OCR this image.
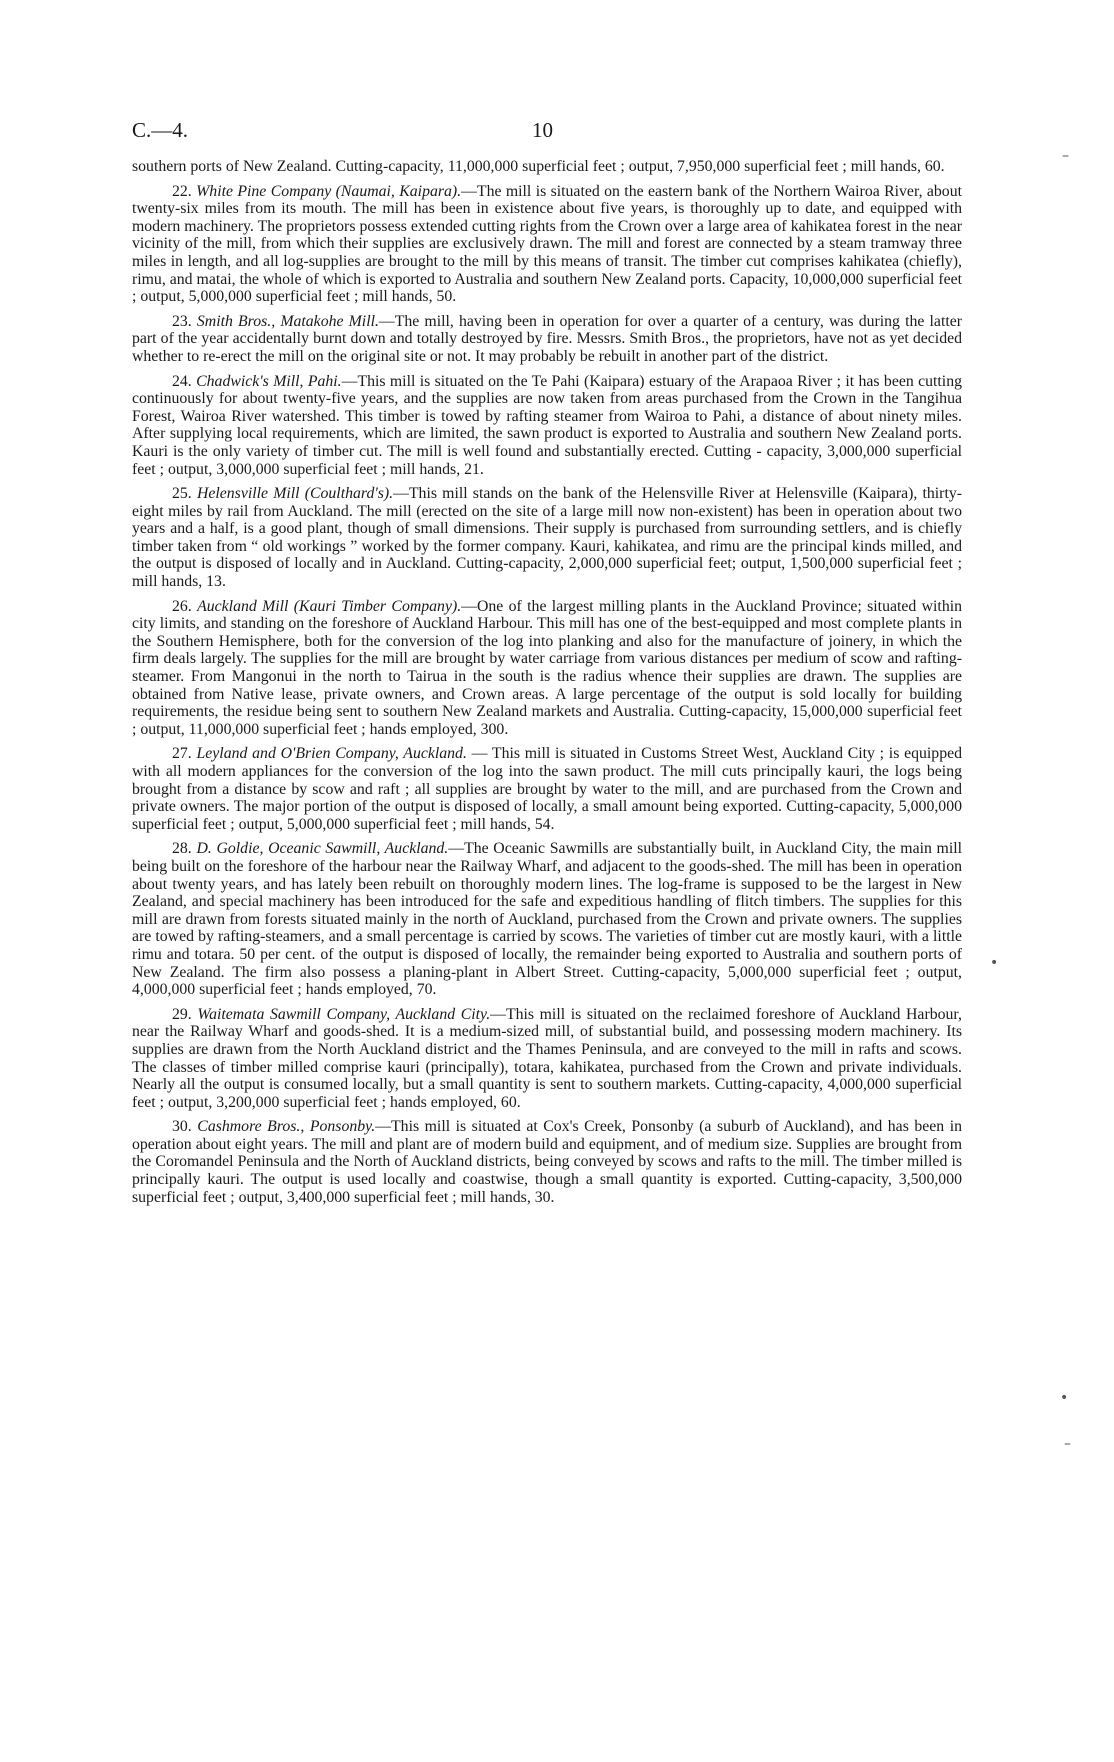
C.—4.	10

southern ports of New Zealand. Cutting-capacity, 11,000,000 superficial feet ; output, 7,950,000 superficial feet ; mill hands, 60.

22. White Pine Company (Naumai, Kaipara).—The mill is situated on the eastern bank of the Northern Wairoa River, about twenty-six miles from its mouth. The mill has been in existence about five years, is thoroughly up to date, and equipped with modern machinery. The proprietors possess extended cutting rights from the Crown over a large area of kahikatea forest in the near vicinity of the mill, from which their supplies are exclusively drawn. The mill and forest are connected by a steam tramway three miles in length, and all log-supplies are brought to the mill by this means of transit. The timber cut comprises kahikatea (chiefly), rimu, and matai, the whole of which is exported to Australia and southern New Zealand ports. Capacity, 10,000,000 superficial feet ; output, 5,000,000 superficial feet ; mill hands, 50.

23. Smith Bros., Matakohe Mill.—The mill, having been in operation for over a quarter of a century, was during the latter part of the year accidentally burnt down and totally destroyed by fire. Messrs. Smith Bros., the proprietors, have not as yet decided whether to re-erect the mill on the original site or not. It may probably be rebuilt in another part of the district.

24. Chadwick's Mill, Pahi.—This mill is situated on the Te Pahi (Kaipara) estuary of the Arapaoa River ; it has been cutting continuously for about twenty-five years, and the supplies are now taken from areas purchased from the Crown in the Tangihua Forest, Wairoa River watershed. This timber is towed by rafting steamer from Wairoa to Pahi, a distance of about ninety miles. After supplying local requirements, which are limited, the sawn product is exported to Australia and southern New Zealand ports. Kauri is the only variety of timber cut. The mill is well found and substantially erected. Cutting - capacity, 3,000,000 superficial feet ; output, 3,000,000 superficial feet ; mill hands, 21.

25. Helensville Mill (Coulthard's).—This mill stands on the bank of the Helensville River at Helensville (Kaipara), thirty-eight miles by rail from Auckland. The mill (erected on the site of a large mill now non-existent) has been in operation about two years and a half, is a good plant, though of small dimensions. Their supply is purchased from surrounding settlers, and is chiefly timber taken from “ old workings ” worked by the former company. Kauri, kahikatea, and rimu are the principal kinds milled, and the output is disposed of locally and in Auckland. Cutting-capacity, 2,000,000 superficial feet; output, 1,500,000 superficial feet ; mill hands, 13.

26. Auckland Mill (Kauri Timber Company).—One of the largest milling plants in the Auckland Province; situated within city limits, and standing on the foreshore of Auckland Harbour. This mill has one of the best-equipped and most complete plants in the Southern Hemisphere, both for the conversion of the log into planking and also for the manufacture of joinery, in which the firm deals largely. The supplies for the mill are brought by water carriage from various distances per medium of scow and rafting-steamer. From Mangonui in the north to Tairua in the south is the radius whence their supplies are drawn. The supplies are obtained from Native lease, private owners, and Crown areas. A large percentage of the output is sold locally for building requirements, the residue being sent to southern New Zealand markets and Australia. Cutting-capacity, 15,000,000 superficial feet ; output, 11,000,000 superficial feet ; hands employed, 300.

27. Leyland and O'Brien Company, Auckland. — This mill is situated in Customs Street West, Auckland City ; is equipped with all modern appliances for the conversion of the log into the sawn product. The mill cuts principally kauri, the logs being brought from a distance by scow and raft ; all supplies are brought by water to the mill, and are purchased from the Crown and private owners. The major portion of the output is disposed of locally, a small amount being exported. Cutting-capacity, 5,000,000 superficial feet ; output, 5,000,000 superficial feet ; mill hands, 54.

28. D. Goldie, Oceanic Sawmill, Auckland.—The Oceanic Sawmills are substantially built, in Auckland City, the main mill being built on the foreshore of the harbour near the Railway Wharf, and adjacent to the goods-shed. The mill has been in operation about twenty years, and has lately been rebuilt on thoroughly modern lines. The log-frame is supposed to be the largest in New Zealand, and special machinery has been introduced for the safe and expeditious handling of flitch timbers. The supplies for this mill are drawn from forests situated mainly in the north of Auckland, purchased from the Crown and private owners. The supplies are towed by rafting-steamers, and a small percentage is carried by scows. The varieties of timber cut are mostly kauri, with a little rimu and totara. 50 per cent. of the output is disposed of locally, the remainder being exported to Australia and southern ports of New Zealand. The firm also possess a planing-plant in Albert Street. Cutting-capacity, 5,000,000 superficial feet ; output, 4,000,000 superficial feet ; hands employed, 70.

29. Waitemata Sawmill Company, Auckland City.—This mill is situated on the reclaimed foreshore of Auckland Harbour, near the Railway Wharf and goods-shed. It is a medium-sized mill, of substantial build, and possessing modern machinery. Its supplies are drawn from the North Auckland district and the Thames Peninsula, and are conveyed to the mill in rafts and scows. The classes of timber milled comprise kauri (principally), totara, kahikatea, purchased from the Crown and private individuals. Nearly all the output is consumed locally, but a small quantity is sent to southern markets. Cutting-capacity, 4,000,000 superficial feet ; output, 3,200,000 superficial feet ; hands employed, 60.

30. Cashmore Bros., Ponsonby.—This mill is situated at Cox's Creek, Ponsonby (a suburb of Auckland), and has been in operation about eight years. The mill and plant are of modern build and equipment, and of medium size. Supplies are brought from the Coromandel Peninsula and the North of Auckland districts, being conveyed by scows and rafts to the mill. The timber milled is principally kauri. The output is used locally and coastwise, though a small quantity is exported. Cutting-capacity, 3,500,000 superficial feet ; output, 3,400,000 superficial feet ; mill hands, 30.

–
•
–
•
